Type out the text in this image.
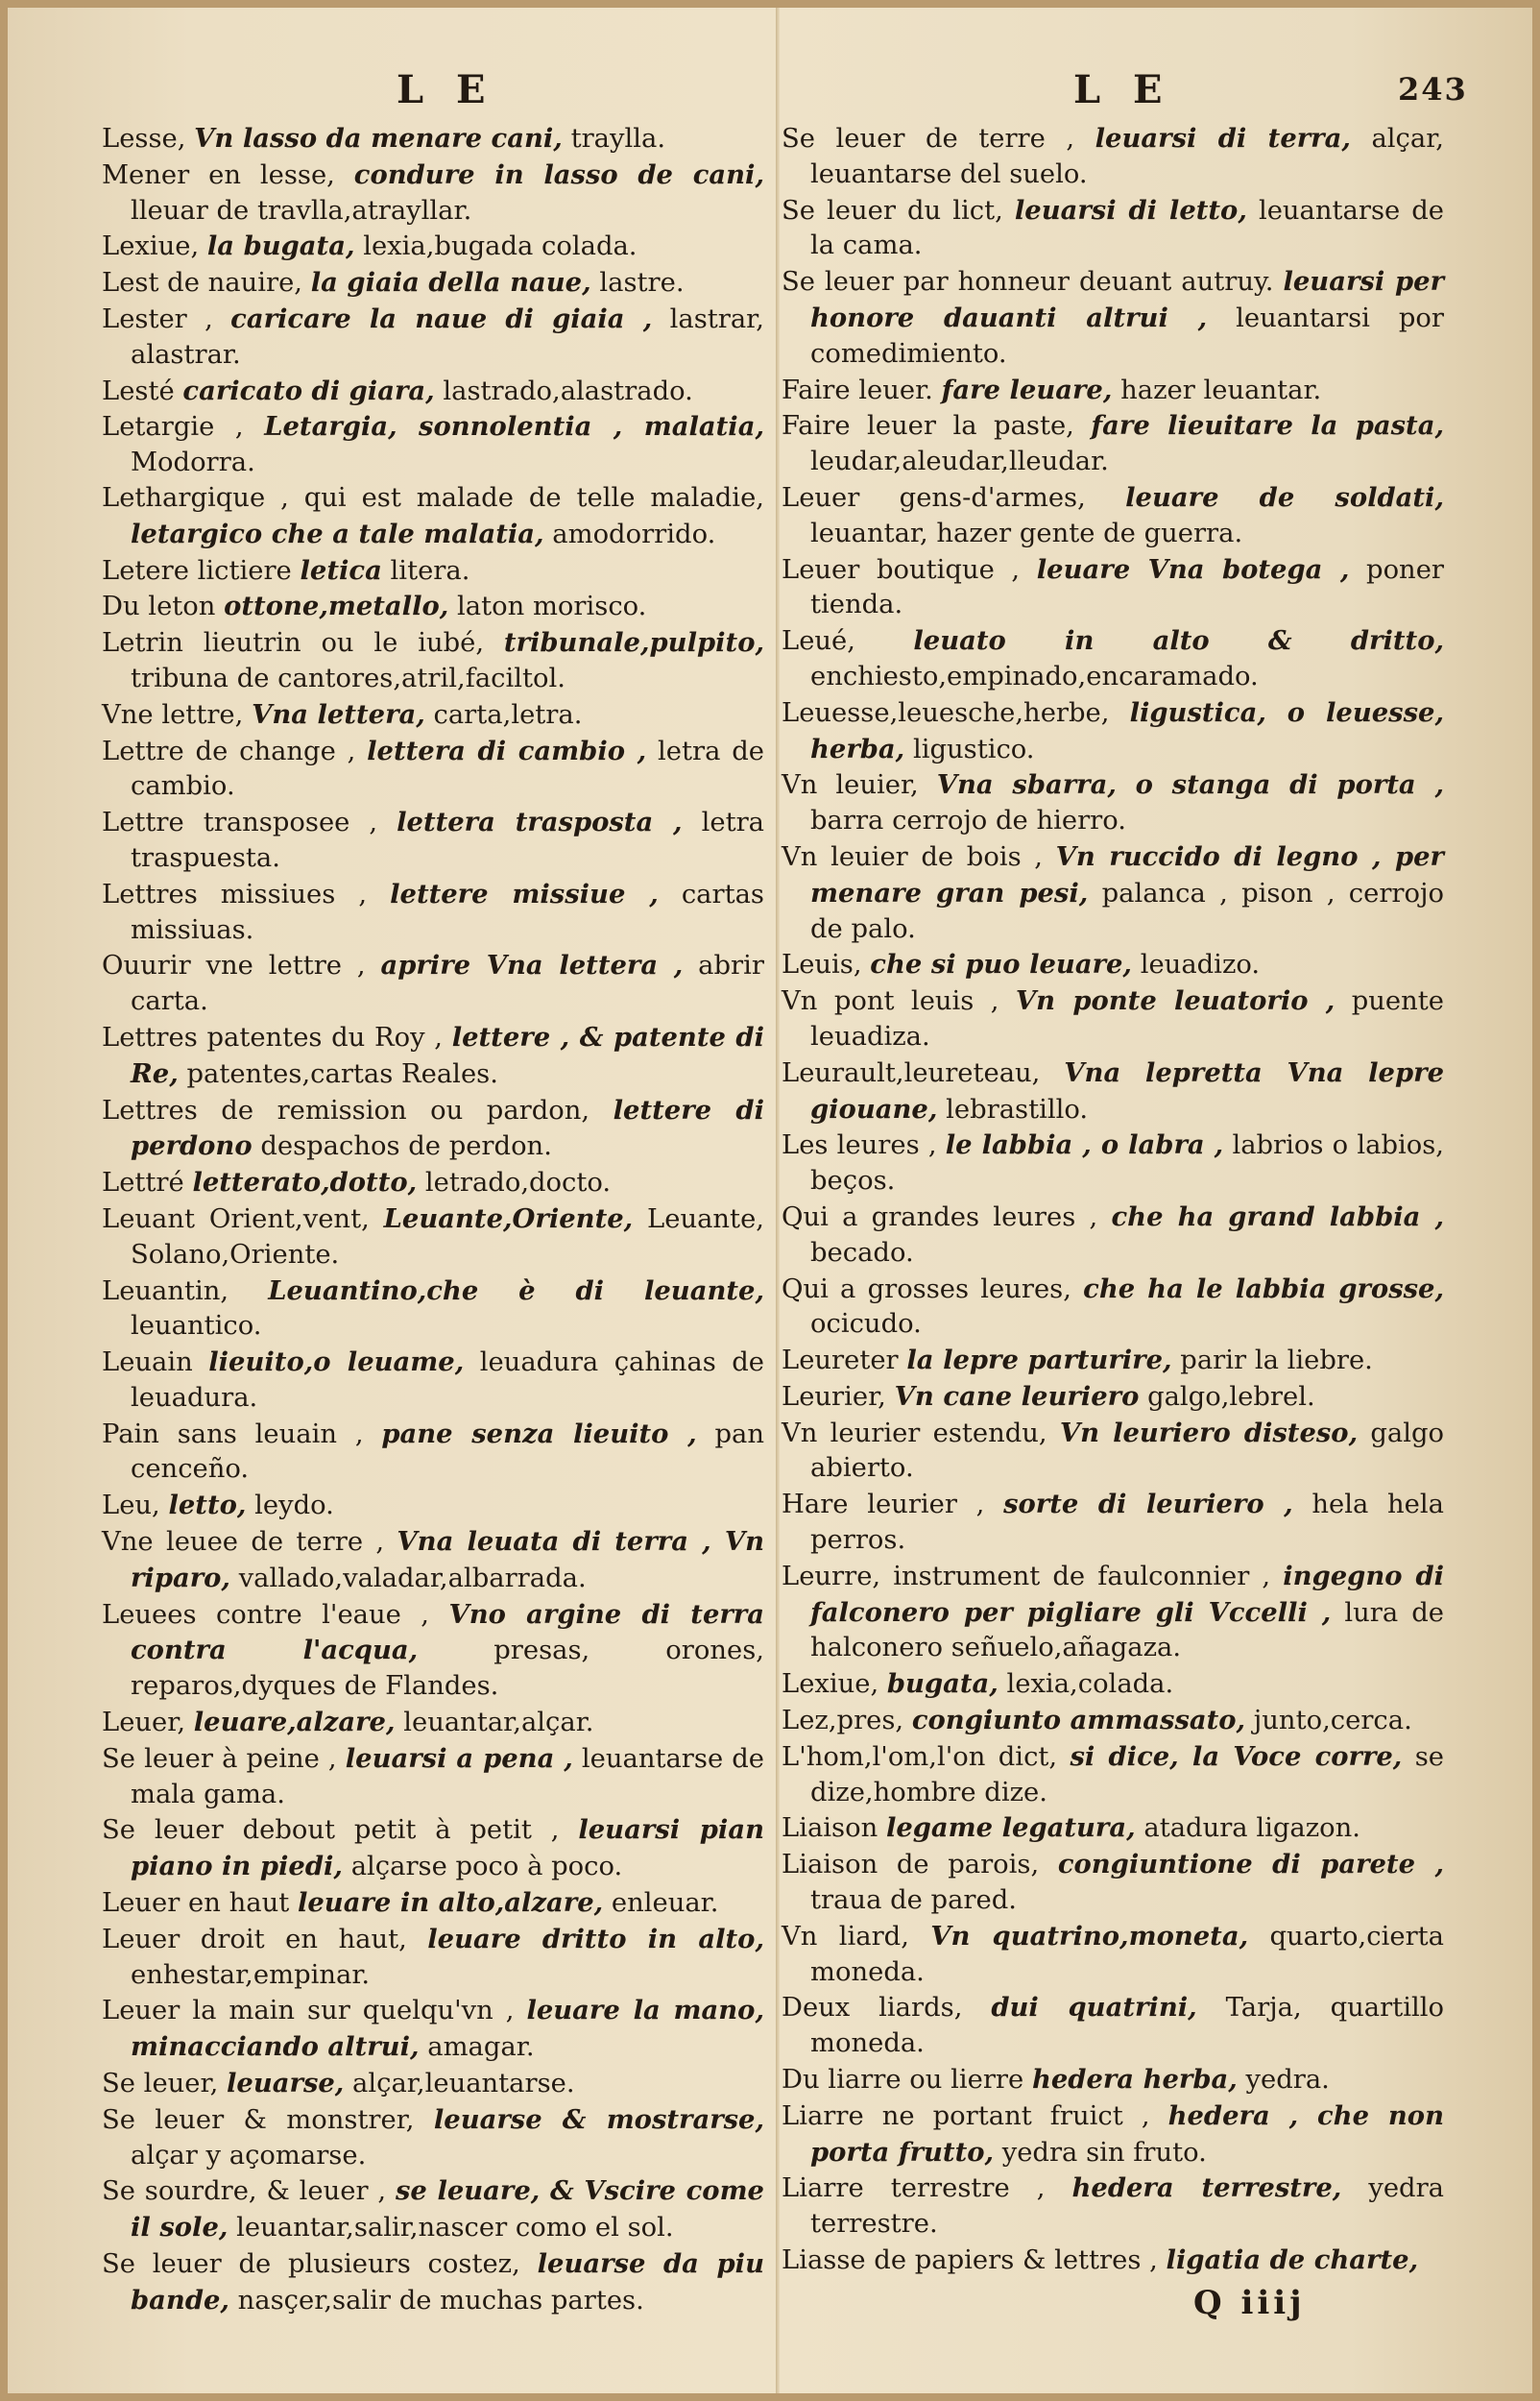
L E	L E	243

Lesse, Vn lasso da menare cani, traylla.

Mener en lesse, condure in lasso de cani, lleuar de travlla,atrayllar.

Lexiue, la bugata, lexia,bugada colada.

Lest de nauire, la giaia della naue, lastre.

Lester , caricare la naue di giaia , lastrar, alastrar.

Lesté caricato di giara, lastrado,alastrado.

Letargie , Letargia, sonnolentia , malatia, Modorra.

Lethargique , qui est malade de telle maladie, letargico che a tale malatia, amodorrido.

Letere lictiere letica litera.

Du leton ottone,metallo, laton morisco.

Letrin lieutrin ou le iubé, tribunale,pulpito, tribuna de cantores,atril,faciltol.

Vne lettre, Vna lettera, carta,letra.

Lettre de change , lettera di cambio , letra de cambio.

Lettre transposee , lettera trasposta , letra traspuesta.

Lettres missiues , lettere missiue , cartas missiuas.

Ouurir vne lettre , aprire Vna lettera , abrir carta.

Lettres patentes du Roy , lettere , & patente di Re, patentes,cartas Reales.

Lettres de remission ou pardon, lettere di perdono despachos de perdon.

Lettré letterato,dotto, letrado,docto.

Leuant Orient,vent, Leuante,Oriente, Leuante, Solano,Oriente.

Leuantin, Leuantino,che è di leuante, leuantico.

Leuain lieuito,o leuame, leuadura çahinas de leuadura.

Pain sans leuain , pane senza lieuito , pan cenceño.

Leu, letto, leydo.

Vne leuee de terre , Vna leuata di terra , Vn riparo, vallado,valadar,albarrada.

Leuees contre l'eaue , Vno argine di terra contra l'acqua,	presas, orones, reparos,dyques de Flandes.

Leuer, leuare,alzare, leuantar,alçar.

Se leuer à peine , leuarsi a pena , leuantarse de mala gama.

Se leuer debout petit à petit , leuarsi pian piano in piedi, alçarse poco à poco.

Leuer en haut leuare in alto,alzare, enleuar.

Leuer droit en haut, leuare dritto in alto, enhestar,empinar.

Leuer la main sur quelqu'vn , leuare la mano, minacciando altrui, amagar.

Se leuer, leuarse, alçar,leuantarse.

Se leuer & monstrer, leuarse & mostrarse, alçar y açomarse.

Se sourdre, & leuer , se leuare, & Vscire come il sole, leuantar,salir,nascer como el sol.

Se leuer de plusieurs costez, leuarse da piu bande, nasçer,salir de muchas partes.

Se leuer de terre , leuarsi di terra, alçar, leuantarse del suelo.

Se leuer du lict, leuarsi di letto, leuantarse de la cama.

Se leuer par honneur deuant autruy. leuarsi per honore dauanti altrui , leuantarsi por comedimiento.

Faire leuer. fare leuare, hazer leuantar.

Faire leuer la paste, fare lieuitare la pasta, leudar,aleudar,lleudar.

Leuer gens-d'armes, leuare de soldati, leuantar, hazer gente de guerra.

Leuer boutique , leuare Vna botega , poner tienda.

Leué, leuato in alto & dritto, enchiesto,empinado,encaramado.

Leuesse,leuesche,herbe, ligustica, o leuesse, herba, ligustico.

Vn leuier, Vna sbarra, o stanga di porta , barra cerrojo de hierro.

Vn leuier de bois , Vn ruccido di legno , per menare gran pesi, palanca , pison , cerrojo de palo.

Leuis, che si puo leuare, leuadizo.

Vn pont leuis , Vn ponte leuatorio , puente leuadiza.

Leurault,leureteau, Vna lepretta Vna lepre giouane, lebrastillo.

Les leures , le labbia , o labra , labrios o labios, beços.

Qui a grandes leures , che ha grand labbia , becado.

Qui a grosses leures, che ha le labbia grosse, ocicudo.

Leureter la lepre parturire, parir la liebre.

Leurier, Vn cane leuriero galgo,lebrel.

Vn leurier estendu, Vn leuriero disteso, galgo abierto.

Hare leurier , sorte di leuriero , hela hela perros.

Leurre, instrument de faulconnier , ingegno di falconero per pigliare gli Vccelli , lura de halconero señuelo,añagaza.

Lexiue, bugata, lexia,colada.

Lez,pres, congiunto ammassato, junto,cerca.

L'hom,l'om,l'on dict, si dice, la Voce corre, se dize,hombre dize.

Liaison legame legatura, atadura ligazon.

Liaison de parois, congiuntione di parete , traua de pared.

Vn liard, Vn quatrino,moneta, quarto,cierta moneda.

Deux liards, dui quatrini, Tarja, quartillo moneda.

Du liarre ou lierre hedera herba, yedra.

Liarre ne portant fruict , hedera , che non porta frutto, yedra sin fruto.

Liarre terrestre , hedera terrestre, yedra terrestre.

Liasse de papiers & lettres , ligatia de charte,

Q iiij
